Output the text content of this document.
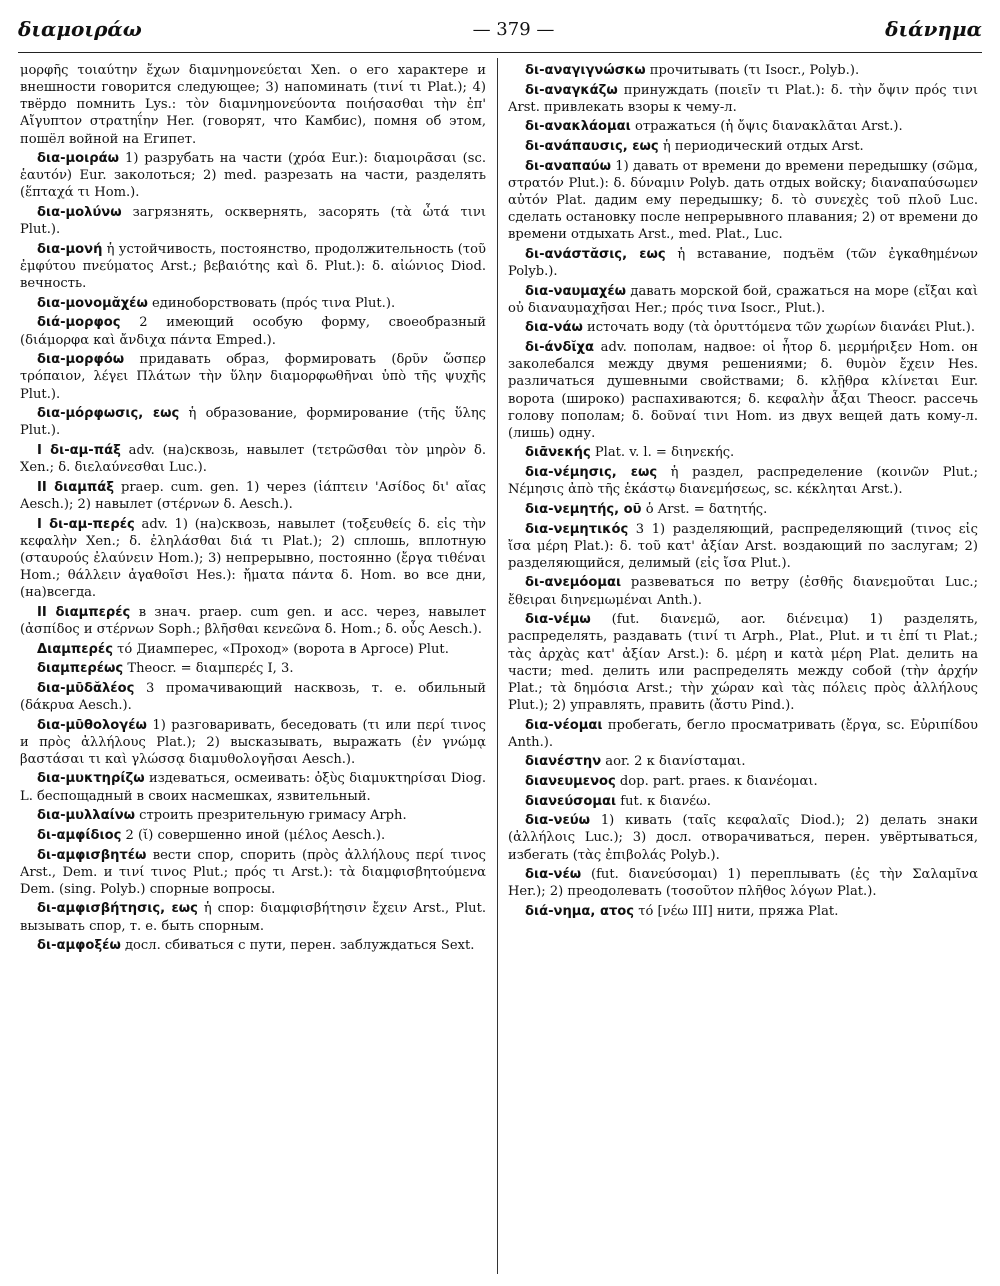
διαμοιράω	— 379 —	διάνημα

μορφῆς τοιαύτην ἔχων διαμνημονεύεται Xen. о его характере и внешности говорится следующее; 3) напоминать (τινί τι Plat.); 4) твёрдо помнить Lys.: τὸν διαμνημονεύοντα ποιήσασθαι τὴν ἐπ' Αἴγυπτον στρατηΐην Her. (говорят, что Камбис), помня об этом, пошёл войной на Египет.

δια-μοιράω 1) разрубать на части (χρόα Eur.): διαμοιρᾶσαι (sc. ἑαυτόν) Eur. заколоться; 2) med. разрезать на части, разделять (ἕπταχά τι Hom.).

δια-μολύνω загрязнять, осквернять, засорять (τὰ ὦτά τινι Plut.).

δια-μονή ἡ устойчивость, постоянство, продолжительность (τοῦ ἐμφύτου πνεύματος Arst.; βεβαιότης καὶ δ. Plut.): δ. αἰώνιος Diod. вечность.

δια-μονομᾰχέω единоборствовать (πρός τινα Plut.).

διά-μορφος 2 имеющий особую форму, своеобразный (διάμορφα καὶ ἄνδιχα πάντα Emped.).

δια-μορφόω придавать образ, формировать (δρῦν ὥσπερ τρόπαιον, λέγει Πλάτων τὴν ὕλην διαμορφωθῆναι ὑπὸ τῆς ψυχῆς Plut.).

δια-μόρφωσις, εως ἡ образование, формирование (τῆς ὕλης Plut.).

I δι-αμ-πάξ adv. (на)сквозь, навылет (τετρῶσθαι τὸν μηρὸν δ. Xen.; δ. διελαύνεσθαι Luc.).

II διαμπάξ praep. cum. gen. 1) через (ἰάπτειν 'Ασίδος δι' αἴας Aesch.); 2) навылет (στέρνων δ. Aesch.).

I δι-αμ-περές adv. 1) (на)сквозь, навылет (τοξευθείς δ. εἰς τὴν κεφαλὴν Xen.; δ. ἐληλάσθαι διά τι Plat.); 2) сплошь, вплотную (σταυρούς ἐλαύνειν Hom.); 3) непрерывно, постоянно (ἔργα τιθέναι Hom.; θάλλειν ἀγαθοῖσι Hes.): ἤματα πάντα δ. Hom. во все дни, (на)всегда.

II διαμπερές в знач. praep. cum gen. и acc. через, навылет (ἀσπίδος и στέρνων Soph.; βλῆσθαι κενεῶνα δ. Hom.; δ. οὖς Aesch.).

Διαμπερές τό Диамперес, «Проход» (ворота в Аргосе) Plut.

διαμπερέως Theocr. = διαμπερές I, 3.

δια-μῡδᾰλέος 3 промачивающий насквозь, т. е. обильный (δάκρυα Aesch.).

δια-μῡθολογέω 1) разговаривать, беседовать (τι или περί τινος и πρὸς ἀλλήλους Plat.); 2) высказывать, выражать (ἐν γνώμᾳ βαστάσαι τι καὶ γλώσσᾳ διαμυθολογῆσαι Aesch.).

δια-μυκτηρίζω издеваться, осмеивать: ὀξὺς διαμυκτηρίσαι Diog. L. беспощадный в своих насмешках, язвительный.

δια-μυλλαίνω строить презрительную гримасу Arph.

δι-αμφίδιος 2 (ῐ) совершенно иной (μέλος Aesch.).

δι-αμφισβητέω вести спор, спорить (πρὸς ἀλλήλους περί τινος Arst., Dem. и τινί τινος Plut.; πρός τι Arst.): τὰ διαμφισβητούμενα Dem. (sing. Polyb.) спорные вопросы.

δι-αμφισβήτησις, εως ἡ спор: διαμφισβήτησιν ἔχειν Arst., Plut. вызывать спор, т. е. быть спорным.

δι-αμφοξέω досл. сбиваться с пути, перен. заблуждаться Sext.

δι-αναγιγνώσκω прочитывать (τι Isocr., Polyb.).

δι-αναγκάζω принуждать (ποιεῖν τι Plat.): δ. τὴν ὄψιν πρός τινι Arst. привлекать взоры к чему-л.

δι-ανακλάομαι отражаться (ἡ ὄψις διανακλᾶται Arst.).

δι-ανάπαυσις, εως ἡ периодический отдых Arst.

δι-αναπαύω 1) давать от времени до времени передышку (σῶμα, στρατόν Plut.): δ. δύναμιν Polyb. дать отдых войску; διαναπαύσωμεν αὐτόν Plat. дадим ему передышку; δ. τὸ συνεχὲς τοῦ πλοῦ Luc. сделать остановку после непрерывного плавания; 2) от времени до времени отдыхать Arst., med. Plat., Luc.

δι-ανάστᾰσις, εως ἡ вставание, подъём (τῶν ἐγκαθημένων Polyb.).

δια-ναυμαχέω давать морской бой, сражаться на море (εἴξαι καὶ οὐ διαναυμαχῆσαι Her.; πρός τινα Isocr., Plut.).

δια-νάω источать воду (τὰ ὀρυττόμενα τῶν χωρίων διανάει Plut.).

δι-άνδῐχα adv. пополам, надвое: οἱ ἦτορ δ. μερμήριξεν Hom. он заколебался между двумя решениями; δ. θυμὸν ἔχειν Hes. различаться душевными свойствами; δ. κλῇθρα κλίνεται Eur. ворота (широко) распахиваются; δ. κεφαλὴν ἆξαι Theocr. рассечь голову пополам; δ. δοῦναί τινι Hom. из двух вещей дать кому-л. (лишь) одну.

διᾱνεκής Plat. v. l. = διηνεκής.

δια-νέμησις, εως ἡ раздел, распределение (κοινῶν Plut.; Νέμησις ἀπὸ τῆς ἑκάστῳ διανεμήσεως, sc. κέκληται Arst.).

δια-νεμητής, οῦ ὁ Arst. = δατητής.

δια-νεμητικός 3 1) разделяющий, распределяющий (τινος εἰς ἴσα μέρη Plat.): δ. τοῦ κατ' ἀξίαν Arst. воздающий по заслугам; 2) разделяющийся, делимый (εἰς ἴσα Plut.).

δι-ανεμόομαι развеваться по ветру (ἐσθῆς διανεμοῦται Luc.; ἔθειραι διηνεμωμέναι Anth.).

δια-νέμω (fut. διανεμῶ, aor. διένειμα) 1) разделять, распределять, раздавать (τινί τι Arph., Plat., Plut. и τι ἐπί τι Plat.; τὰς ἀρχὰς κατ' ἀξίαν Arst.): δ. μέρη и κατὰ μέρη Plat. делить на части; med. делить или распределять между собой (τὴν ἀρχήν Plat.; τὰ δημόσια Arst.; τὴν χώραν καὶ τὰς πόλεις πρὸς ἀλλήλους Plut.); 2) управлять, править (ἄστυ Pind.).

δια-νέομαι пробегать, бегло просматривать (ἔργα, sc. Εὐριπίδου Anth.).

διανέστην aor. 2 к διανίσταμαι.

διανευμενος dop. part. praes. к διανέομαι.

διανεύσομαι fut. к διανέω.

δια-νεύω 1) кивать (ταῖς κεφαλαῖς Diod.); 2) делать знаки (ἀλλήλοις Luc.); 3) досл. отворачиваться, перен. увёртываться, избегать (τὰς ἐπιβολάς Polyb.).

δια-νέω (fut. διανεύσομαι) 1) переплывать (ἐς τὴν Σαλαμῖνα Her.); 2) преодолевать (τοσοῦτον πλῆθος λόγων Plat.).

διά-νημα, ατος τό [νέω III] нити, пряжа Plat.
